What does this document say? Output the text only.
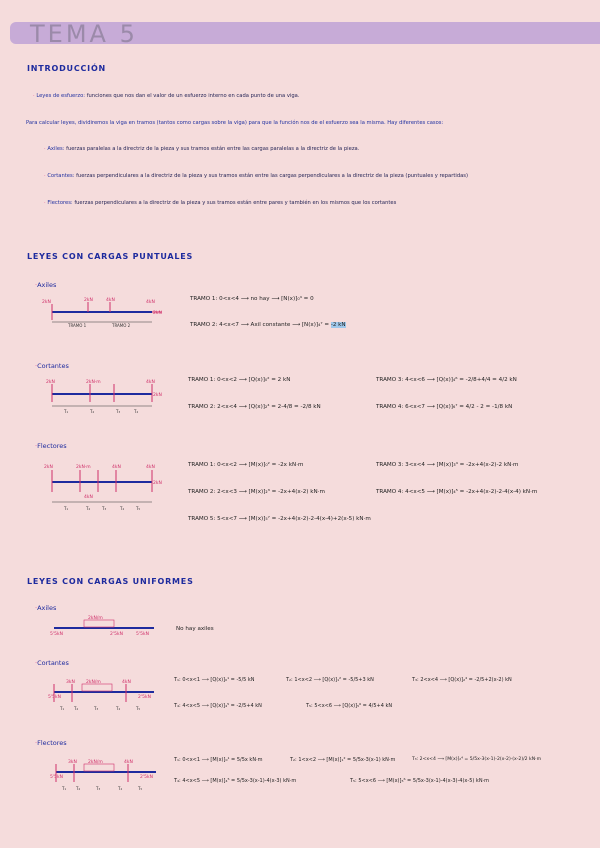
TEMA 5
INTRODUCCIÓN
· Leyes de esfuerzo: funciones que nos dan el valor de un esfuerzo interno en cada punto de una viga.
Para calcular leyes, dividiremos la viga en tramos (tantos como cargas sobre la viga) para que la función nos de el esfuerzo sea la misma. Hay diferentes casos:
· Axiles: fuerzas paralelas a la directriz de la pieza y sus tramos están entre las cargas paralelas a la directriz de la pieza.
· Cortantes: fuerzas perpendiculares a la directriz de la pieza y sus tramos están entre las cargas perpendiculares a la directriz de la pieza (puntuales y repartidas)
· Flectores: fuerzas perpendiculares a la directriz de la pieza y sus tramos están entre pares y también en los mismos que los cortantes
LEYES CON CARGAS PUNTUALES
·Axiles
2kN	2kN	4kN	4kN
2kN
TRAMO 1	TRAMO 2
TRAMO 1: 0<x<4 ⟶ no hay ⟶ [N(x)]₀⁴ = 0
TRAMO 2: 4<x<7 ⟶ Axil constante ⟶ [N(x)]₄⁷ = -2 kN
·Cortantes
2kN	2kN·m	4kN
2kN
T₁	T₂	T₃	T₄
TRAMO 1: 0<x<2 ⟶ [Q(x)]₀² = 2 kN
TRAMO 2: 2<x<4 ⟶ [Q(x)]₂⁴ = 2-4/8 = -2/8 kN
TRAMO 3: 4<x<6 ⟶ [Q(x)]₄⁶ = -2/8+4/4 = 4/2 kN
TRAMO 4: 6<x<7 ⟶ [Q(x)]₆⁷ = 4/2 - 2 = -1/8 kN
·Flectores
2kN	2kN·m	4kN	4kN
4kN
2kN
T₁	T₂	T₃	T₄	T₅
TRAMO 1: 0<x<2 ⟶ [M(x)]₀² = -2x kN·m
TRAMO 2: 2<x<3 ⟶ [M(x)]₂³ = -2x+4(x-2) kN·m
TRAMO 5: 5<x<7 ⟶ [M(x)]₅⁷ = -2x+4(x-2)-2-4(x-4)+2(x-5) kN·m
TRAMO 3: 3<x<4 ⟶ [M(x)]₃⁴ = -2x+4(x-2)-2 kN·m
TRAMO 4: 4<x<5 ⟶ [M(x)]₄⁵ = -2x+4(x-2)-2-4(x-4) kN·m
LEYES CON CARGAS UNIFORMES
·Axiles
2kN/m
5'5kN	2'5kN	5'5kN
No hay axiles
·Cortantes
2kN/m
3kN	4kN
5'5kN	2'5kN
T₁ T₂	T₃	T₄	T₅
T₁: 0<x<1 ⟶ [Q(x)]₀¹ = -5/5 kN	T₂: 1<x<2 ⟶ [Q(x)]₁² = -5/5+3 kN	T₃: 2<x<4 ⟶ [Q(x)]₂⁴ = -2/5+2(x-2) kN
T₄: 4<x<5 ⟶ [Q(x)]₄⁵ = -2/5+4 kN	T₅: 5<x<6 ⟶ [Q(x)]₅⁶ = 4/5+4 kN
·Flectores
2kN/m
3kN	4kN
5'5kN	2'5kN
T₁ T₂	T₃	T₄	T₅
T₁: 0<x<1 ⟶ [M(x)]₀¹ = 5/5x kN·m	T₂: 1<x<2 ⟶ [M(x)]₁² = 5/5x-3(x-1) kN·m	T₃: 2<x<4 ⟶ [M(x)]₂⁴ = 5/5x-3(x-1)-2(x-2)·(x-2)/2 kN·m
T₄: 4<x<5 ⟶ [M(x)]₄⁵ = 5/5x-3(x-1)-4(x-3) kN·m	T₅: 5<x<6 ⟶ [M(x)]₅⁶ = 5/5x-3(x-1)-4(x-3)-4(x-5) kN·m
